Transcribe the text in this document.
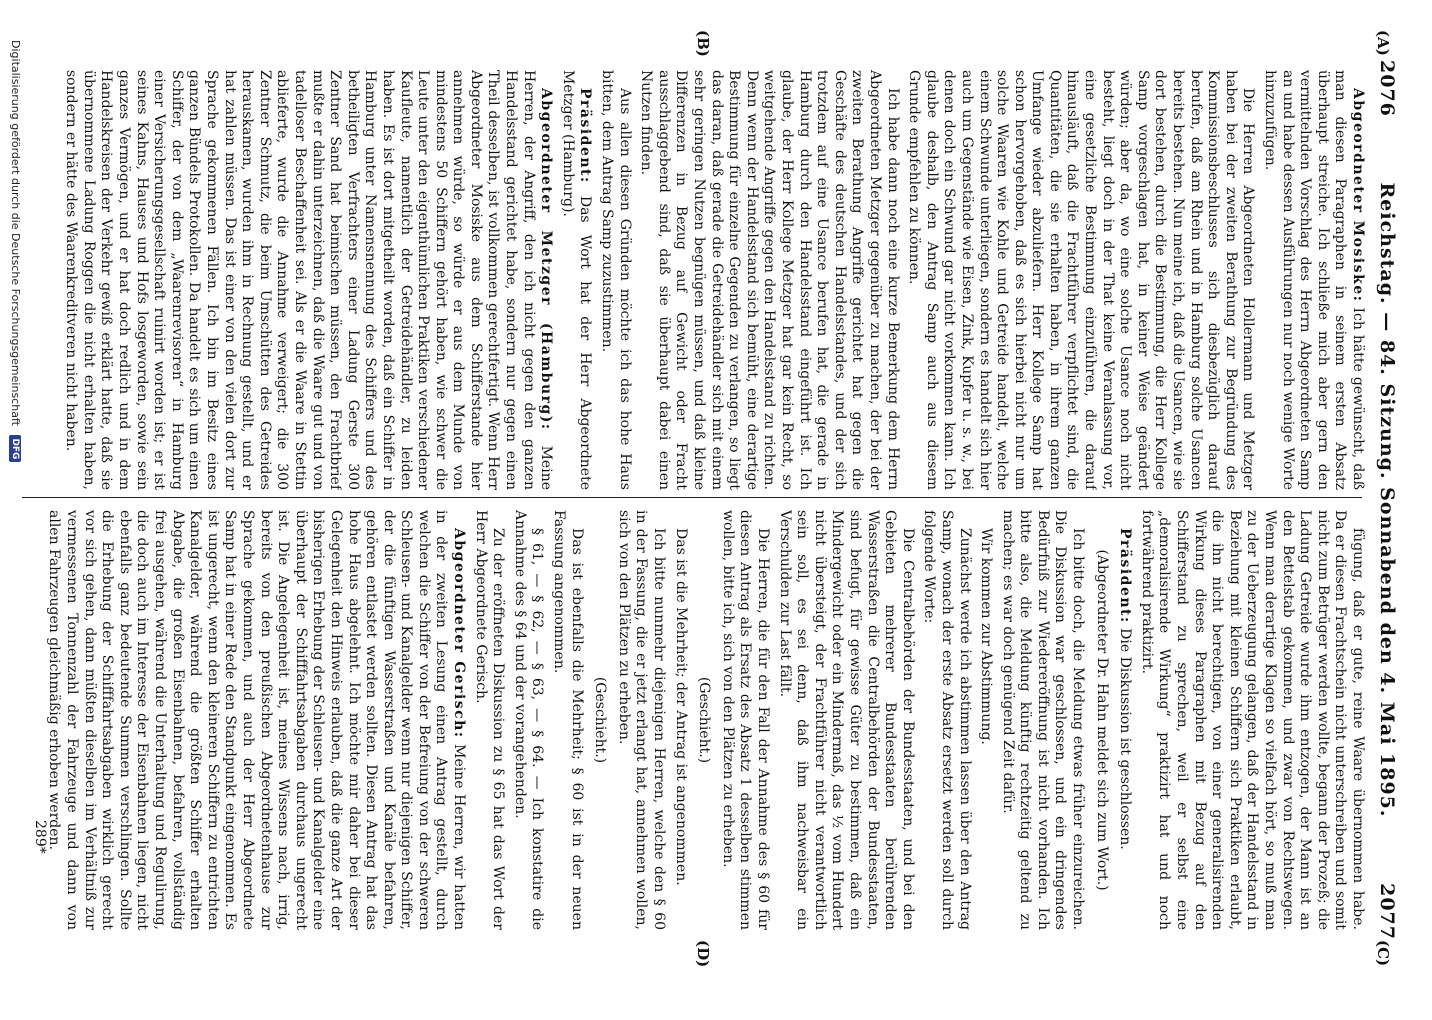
2076
Reichstag. — 84. Sitzung. Sonnabend den 4. Mai 1895.
2077
(A)
(B)
(C)
(D)

Abgeordneter Mosiske: Ich hätte gewünscht, daß man diesen Paragraphen in seinem ersten Absatz überhaupt streiche. Ich schließe mich aber gern den vermittelnden Vorschlag des Herrn Abgeordneten Samp an und habe dessen Ausführungen nur noch wenige Worte hinzuzufügen.

Die Herren Abgeordneten Hollermann und Metzger haben bei der zweiten Berathung zur Begründung des Kommissionsbeschlusses sich diesbezüglich darauf berufen, daß am Rhein und in Hamburg solche Usancen bereits bestehen. Nun meine ich, daß die Usancen, wie sie dort bestehen, durch die Bestimmung, die Herr Kollege Samp vorgeschlagen hat, in keiner Weise geändert würden; aber da, wo eine solche Usance noch nicht besteht, liegt doch in der That keine Veranlassung vor, eine gesetzliche Bestimmung einzuführen, die darauf hinausläuft, daß die Frachtführer verpflichtet sind, die Quantitäten, die sie erhalten haben, in ihrem ganzen Umfange wieder abzuliefern. Herr Kollege Samp hat schon hervorgehoben, daß es sich hierbei nicht nur um solche Waaren wie Kohle und Getreide handelt, welche einem Schwunde unterliegen, sondern es handelt sich hier auch um Gegenstände wie Eisen, Zink, Kupfer u. s. w., bei denen doch ein Schwund gar nicht vorkommen kann. Ich glaube deshalb, den Antrag Samp auch aus diesem Grunde empfehlen zu können.

Ich habe dann noch eine kurze Bemerkung dem Herrn Abgeordneten Metzger gegenüber zu machen, der bei der zweiten Berathung Angriffe gerichtet hat gegen die Geschäfte des deutschen Handelsstandes, und der sich trotzdem auf eine Usance berufen hat, die gerade in Hamburg durch den Handelsstand eingeführt ist. Ich glaube, der Herr Kollege Metzger hat gar kein Recht, so weitgehende Angriffe gegen den Handelsstand zu richten. Denn wenn der Handelsstand sich bemüht, eine derartige Bestimmung für einzelne Gegenden zu verlangen, so liegt das daran, daß gerade die Getreidehändler sich mit einem sehr geringen Nutzen begnügen müssen, und daß kleine Differenzen in Bezug auf Gewicht oder Fracht ausschlaggebend sind, daß sie überhaupt dabei einen Nutzen finden.

Aus allen diesen Gründen möchte ich das hohe Haus bitten, dem Antrag Samp zuzustimmen.

Präsident: Das Wort hat der Herr Abgeordnete Metzger (Hamburg).

Abgeordneter Metzger (Hamburg): Meine Herren, der Angriff, den ich nicht gegen den ganzen Handelsstand gerichtet habe, sondern nur gegen einen Theil desselben, ist vollkommen gerechtfertigt. Wenn Herr Abgeordneter Mosiske aus dem Schifferstande hier annehmen würde, so würde er aus dem Munde von mindestens 50 Schiffern gehört haben, wie schwer die Leute unter den eigenthümlichen Praktiken verschiedener Kaufleute, namentlich der Getreidehändler, zu leiden haben. Es ist dort mitgetheilt worden, daß ein Schiffer in Hamburg unter Namensnennung des Schiffers und des betheiligten Verfrachters einer Ladung Gerste 300 Zentner Sand hat beimischen müssen, den Frachtbrief mußte er dahin unterzeichnen, daß die Waare gut und von tadelloser Beschaffenheit sei. Als er die Waare in Stettin ablieferte, wurde die Annahme verweigert; die 300 Zentner Schmutz, die beim Umschütten des Getreides herauskamen, wurden ihm in Rechnung gestellt, und er hat zahlen müssen. Das ist einer von den vielen dort zur Sprache gekommenen Fällen. Ich bin im Besitz eines ganzen Bündels Protokollen. Da handelt es sich um einen Schiffer, der von dem „Waarenrevisoren“ in Hamburg einer Versicherungsgesellschaft ruinirt worden ist; er ist seines Kahns, Hauses und Hofs losgeworden, sowie sein ganzes Vermögen, und er hat doch redlich und in dem Handelskreisen der Verkehr gewiß erklärt hatte, daß sie übernommene Ladung Roggen die nicht erhalten haben, sondern er hätte des Waarenkreditveren nicht haben.

fügung, daß er gute, reine Waare übernommen habe. Da er diesen Frachtschein nicht unterschreiben und somit nicht zum Betrüger werden wollte, begann der Prozeß; die Ladung Getreide wurde ihm entzogen, der Mann ist an den Bettelstab gekommen, und zwar von Rechtswegen. Wenn man derartige Klagen so vielfach hört, so muß man zu der Ueberzeugung gelangen, daß der Handelsstand in Beziehung mit kleinen Schiffern sich Praktiken erlaubt, die ihn nicht berechtigen, von einer generalisirenden Wirkung dieses Paragraphen mit Bezug auf den Schifferstand zu sprechen, weil er selbst eine „demoralisirende Wirkung“ praktizirt hat und noch fortwährend praktizirt.

Präsident: Die Diskussion ist geschlossen.

(Abgeordneter Dr. Hahn meldet sich zum Wort.)

Ich bitte doch, die Meldung etwas früher einzureichen. Die Diskussion war geschlossen, und ein dringendes Bedürfniß zur Wiedereröffnung ist nicht vorhanden. Ich bitte also, die Meldung künftig rechtzeitig geltend zu machen; es war doch genügend Zeit dafür.

Wir kommen zur Abstimmung.

Zunächst werde ich abstimmen lassen über den Antrag Samp, wonach der erste Absatz ersetzt werden soll durch folgende Worte:

Die Centralbehörden der Bundesstaaten, und bei den Gebieten mehrerer Bundesstaaten berührenden Wasserstraßen die Centralbehörden der Bundesstaaten, sind befugt, für gewisse Güter zu bestimmen, daß ein Mindergewicht oder ein Mindermaß, das ½ vom Hundert nicht übersteigt, der Frachtführer nicht verantwortlich sein soll, es sei denn, daß ihm nachweisbar ein Verschulden zur Last fällt.

Die Herren, die für den Fall der Annahme des § 60 für diesen Antrag als Ersatz des Absatz 1 desselben stimmen wollen, bitte ich, sich von den Plätzen zu erheben.

(Geschieht.)

Das ist die Mehrheit; der Antrag ist angenommen.

Ich bitte nunmehr diejenigen Herren, welche den § 60 in der Fassung, die er jetzt erlangt hat, annehmen wollen, sich von den Plätzen zu erheben.

(Geschieht.)

Das ist ebenfalls die Mehrheit; § 60 ist in der neuen Fassung angenommen.

§ 61, — § 62, — § 63, — § 64. — Ich konstatire die Annahme des § 64 und der vorangehenden.

Zu der eröffneten Diskussion zu § 65 hat das Wort der Herr Abgeordnete Gerisch.

Abgeordneter Gerisch: Meine Herren, wir hatten in der zweiten Lesung einen Antrag gestellt, durch welchen die Schiffer von der Befreiung von der schweren Schleusen- und Kanalgelder wenn nur diejenigen Schiffer, der die fünftigen Wasserstraßen und Kanäle befahren, gehören entlastet werden sollten. Diesen Antrag hat das hohe Haus abgelehnt. Ich möchte mir daher bei dieser Gelegenheit den Hinweis erlauben, daß die ganze Art der bisherigen Erhebung der Schleusen- und Kanalgelder eine überhaupt der Schifffahrtsabgaben durchaus ungerecht ist. Die Angelegenheit ist, meines Wissens nach, irrig, bereits von den preußischen Abgeordnetenhause zur Sprache gekommen, und auch der Herr Abgeordnete Samp hat in einer Rede den Standpunkt eingenommen. Es ist ungerecht, wenn den kleineren Schiffern zu entrichten Kanalgelder, während die größten Schiffer erhalten Abgabe, die großen Eisenbahnen, befahren, vollständig frei ausgehen, während die Unterhaltung und Regulirung, die doch auch im Interesse der Eisenbahnen liegen, nicht ebenfalls ganz bedeutende Summen verschlingen. Sollte die Erhebung der Schifffahrtsabgaben wirklich gerecht vor sich gehen, dann müßten dieselben im Verhältniß zur vermessenen Tonnenzahl der Fahrzeuge und dann von allen Fahrzeugen gleichmäßig erhoben werden.

289*
Digitalisierung gefördert durch die Deutsche Forschungsgemeinschaft DFG
